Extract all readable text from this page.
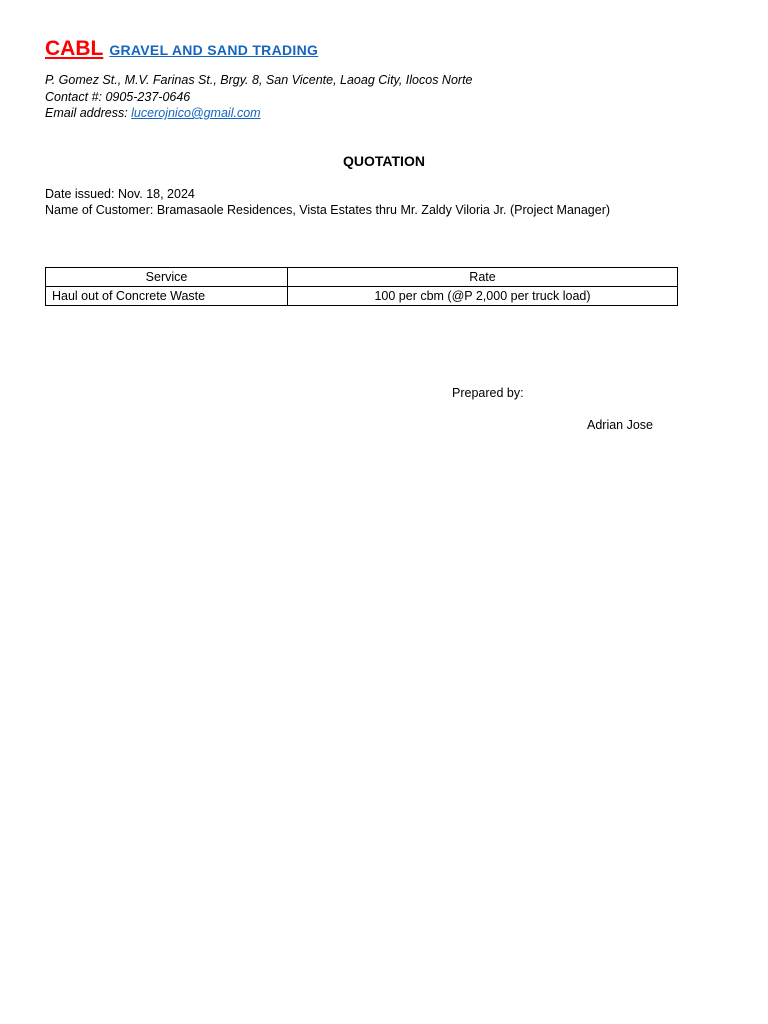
CABL GRAVEL AND SAND TRADING
P. Gomez St., M.V. Farinas St., Brgy. 8, San Vicente, Laoag City, Ilocos Norte
Contact #: 0905-237-0646
Email address: lucerojnico@gmail.com
QUOTATION
Date issued: Nov. 18, 2024
Name of Customer: Bramasaole Residences, Vista Estates thru Mr. Zaldy Viloria Jr. (Project Manager)
Service	Rate
Haul out of Concrete Waste	100 per cbm (@P 2,000 per truck load)
Prepared by:
Adrian Jose
